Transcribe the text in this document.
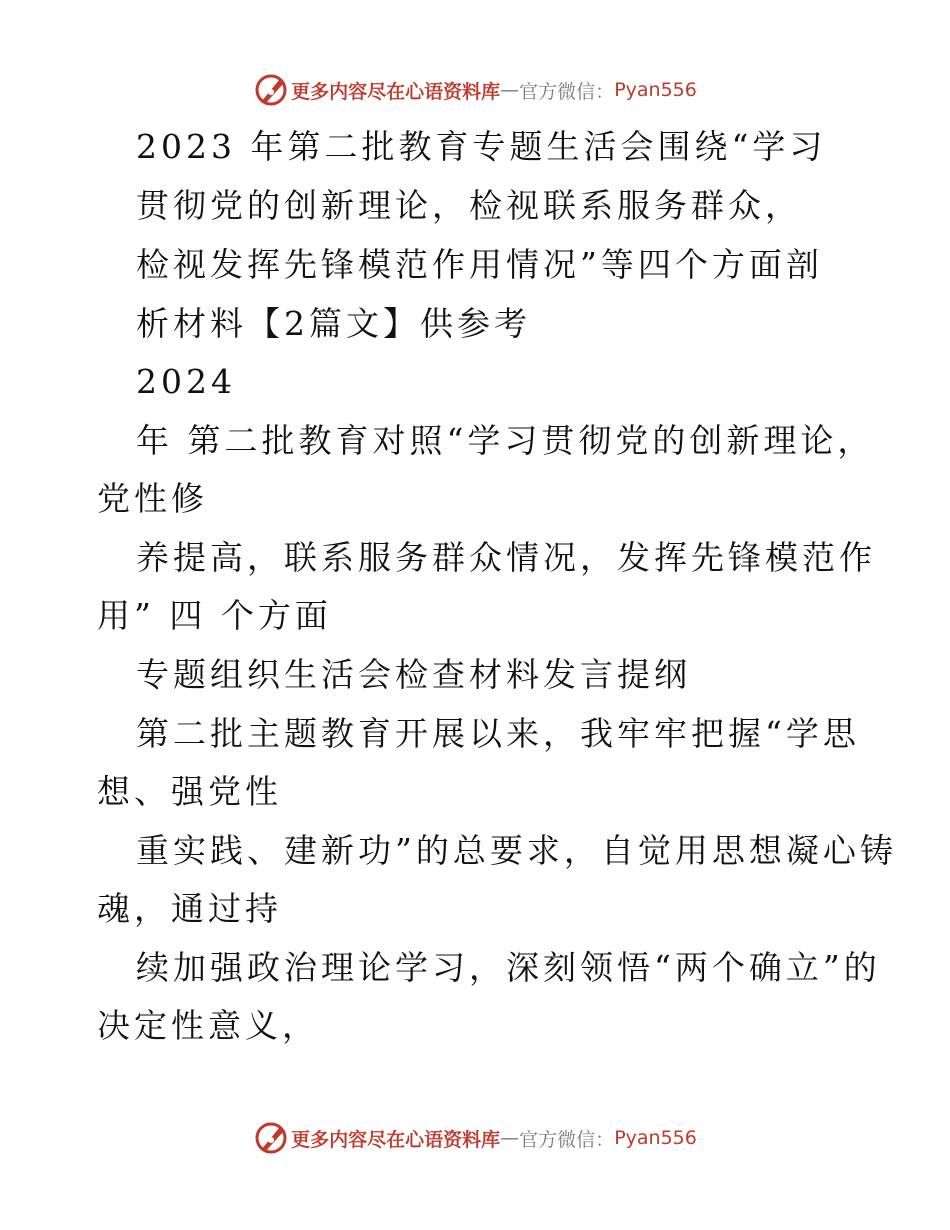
更多内容尽在心语资料库 — 官方微信： Pyan556
2023 年第二批教育专题生活会围绕“学习
贯彻党的创新理论，检视联系服务群众，
检视发挥先锋模范作用情况”等四个方面剖
析材料【2篇文】供参考
2024
年 第二批教育对照“学习贯彻党的创新理论，
党性修
养提高，联系服务群众情况，发挥先锋模范作
用” 四 个方面
专题组织生活会检查材料发言提纲
第二批主题教育开展以来，我牢牢把握“学思
想、强党性
重实践、建新功”的总要求，自觉用思想凝心铸
魂，通过持
续加强政治理论学习，深刻领悟“两个确立”的
决定性意义，
更多内容尽在心语资料库 — 官方微信： Pyan556
